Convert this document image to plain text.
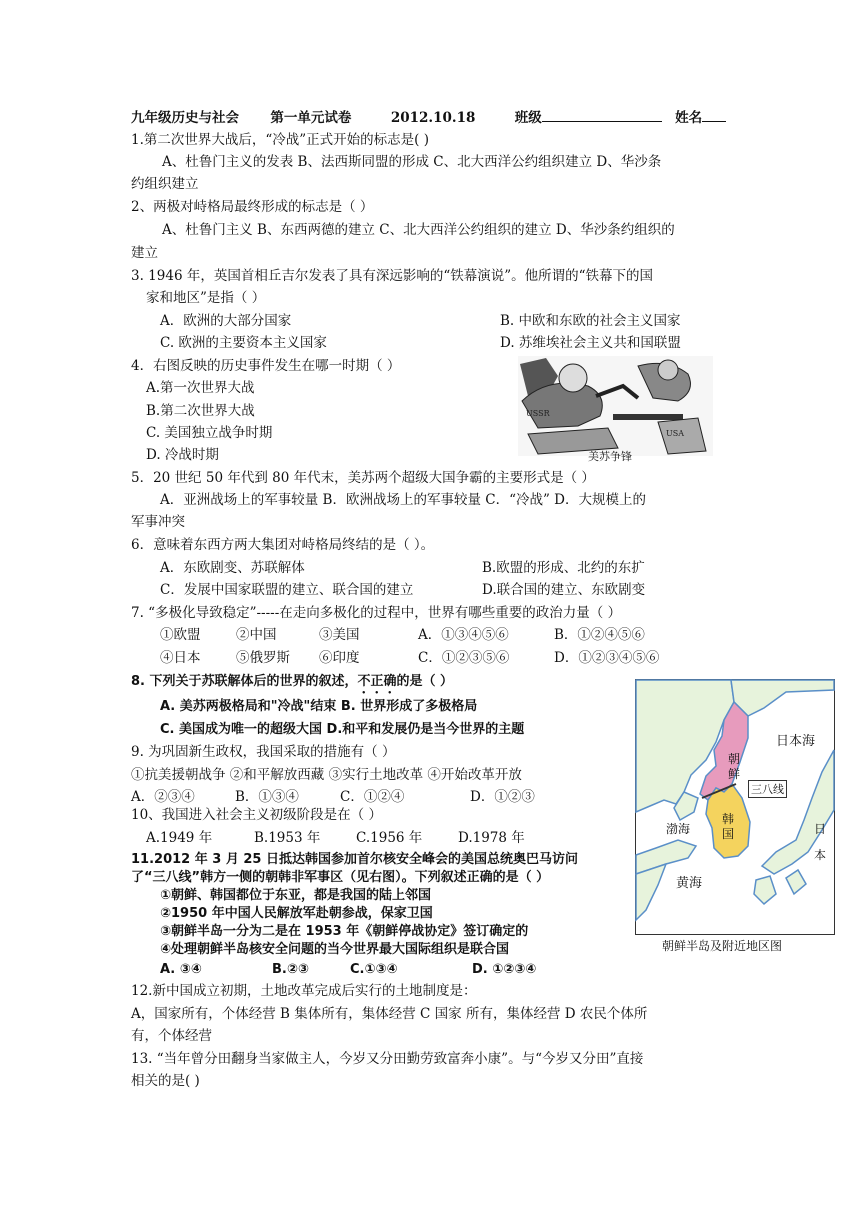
九年级历史与社会 第一单元试卷	2012.10.18	班级	姓名
1.第二次世界大战后，“冷战”正式开始的标志是( )
A、杜鲁门主义的发表 B、法西斯同盟的形成 C、北大西洋公约组织建立 D、华沙条
约组织建立
2、两极对峙格局最终形成的标志是（ ）
A、杜鲁门主义 B、东西两德的建立 C、北大西洋公约组织的建立 D、华沙条约组织的
建立
3. 1946 年，英国首相丘吉尔发表了具有深远影响的“铁幕演说”。他所谓的“铁幕下的国
家和地区”是指（ ）
A．欧洲的大部分国家	B. 中欧和东欧的社会主义国家
C. 欧洲的主要资本主义国家	D. 苏维埃社会主义共和国联盟
4．右图反映的历史事件发生在哪一时期（ ）
A.第一次世界大战
B.第二次世界大战
C. 美国独立战争时期
D. 冷战时期
USSR
USA
美苏争锋
5．20 世纪 50 年代到 80 年代末，美苏两个超级大国争霸的主要形式是（ ）
A．亚洲战场上的军事较量 B．欧洲战场上的军事较量 C．“冷战” D．大规模上的
军事冲突
6．意味着东西方两大集团对峙格局终结的是（ ）。
A．东欧剧变、苏联解体	B.欧盟的形成、北约的东扩
C．发展中国家联盟的建立、联合国的建立	D.联合国的建立、东欧剧变
7. “多极化导致稳定”-----在走向多极化的过程中，世界有哪些重要的政治力量（ ）
①欧盟	②中国	③美国	A．①③④⑤⑥	B．①②④⑤⑥
④日本	⑤俄罗斯 ⑥印度	C．①②③⑤⑥	D．①②③④⑤⑥
8. 下列关于苏联解体后的世界的叙述，不正确的是（ ）
A. 美苏两极格局和"冷战"结束 B. 世界形成了多极格局
C. 美国成为唯一的超级大国 D.和平和发展仍是当今世界的主题
9. 为巩固新生政权，我国采取的措施有（ ）
①抗美援朝战争 ②和平解放西藏 ③实行土地改革 ④开始改革开放
A．②③④	B．①③④	C．①②④	D．①②③
10、我国进入社会主义初级阶段是在（ ）
A.1949 年	B.1953 年	C.1956 年	D.1978 年
11.2012 年 3 月 25 日抵达韩国参加首尔核安全峰会的美国总统奥巴马访问
了“三八线”韩方一侧的朝韩非军事区（见右图）。下列叙述正确的是（ ）
①朝鲜、韩国都位于东亚，都是我国的陆上邻国
②1950 年中国人民解放军赴朝参战，保家卫国
③朝鲜半岛一分为二是在 1953 年《朝鲜停战协定》签订确定的
④处理朝鲜半岛核安全问题的当今世界最大国际组织是联合国
A. ③④	B.②③	C.①③④	D. ①②③④
日本海
朝鲜
三八线
渤海
韩国
黄海
日本
朝鲜半岛及附近地区图
12.新中国成立初期，土地改革完成后实行的土地制度是：
A，国家所有，个体经营 B 集体所有，集体经营 C 国家 所有，集体经营 D 农民个体所
有，个体经营
13. “当年曾分田翻身当家做主人，今岁又分田勤劳致富奔小康”。与“今岁又分田”直接
相关的是( )
